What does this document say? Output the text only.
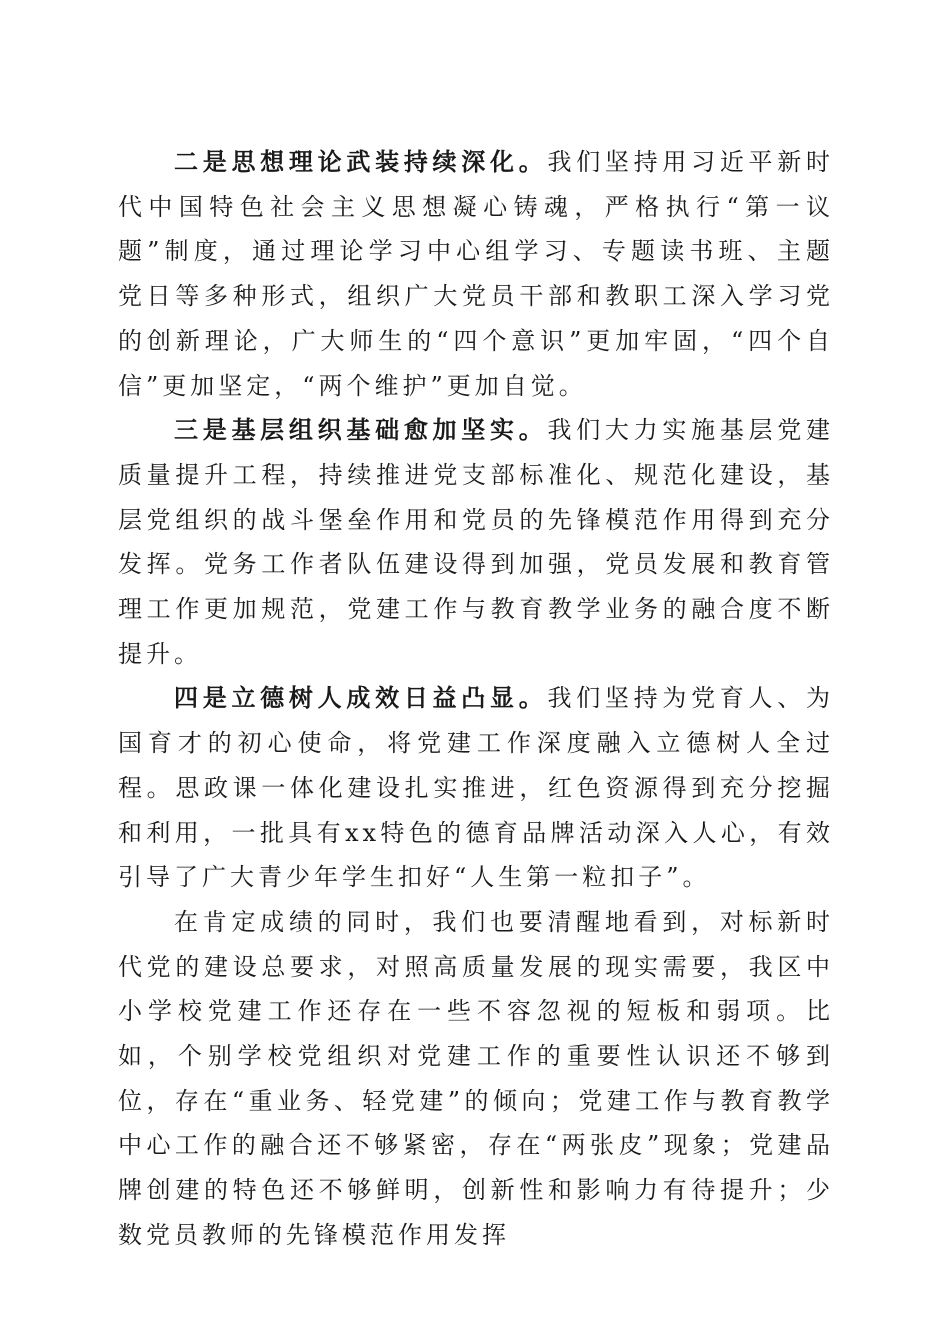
二是思想理论武装持续深化。我们坚持用习近平新时代中国特色社会主义思想凝心铸魂，严格执行“第一议题”制度，通过理论学习中心组学习、专题读书班、主题党日等多种形式，组织广大党员干部和教职工深入学习党的创新理论，广大师生的“四个意识”更加牢固，“四个自信”更加坚定，“两个维护”更加自觉。

三是基层组织基础愈加坚实。我们大力实施基层党建质量提升工程，持续推进党支部标准化、规范化建设，基层党组织的战斗堡垒作用和党员的先锋模范作用得到充分发挥。党务工作者队伍建设得到加强，党员发展和教育管理工作更加规范，党建工作与教育教学业务的融合度不断提升。

四是立德树人成效日益凸显。我们坚持为党育人、为国育才的初心使命，将党建工作深度融入立德树人全过程。思政课一体化建设扎实推进，红色资源得到充分挖掘和利用，一批具有xx特色的德育品牌活动深入人心，有效引导了广大青少年学生扣好“人生第一粒扣子”。

在肯定成绩的同时，我们也要清醒地看到，对标新时代党的建设总要求，对照高质量发展的现实需要，我区中小学校党建工作还存在一些不容忽视的短板和弱项。比如，个别学校党组织对党建工作的重要性认识还不够到位，存在“重业务、轻党建”的倾向；党建工作与教育教学中心工作的融合还不够紧密，存在“两张皮”现象；党建品牌创建的特色还不够鲜明，创新性和影响力有待提升；少数党员教师的先锋模范作用发挥
